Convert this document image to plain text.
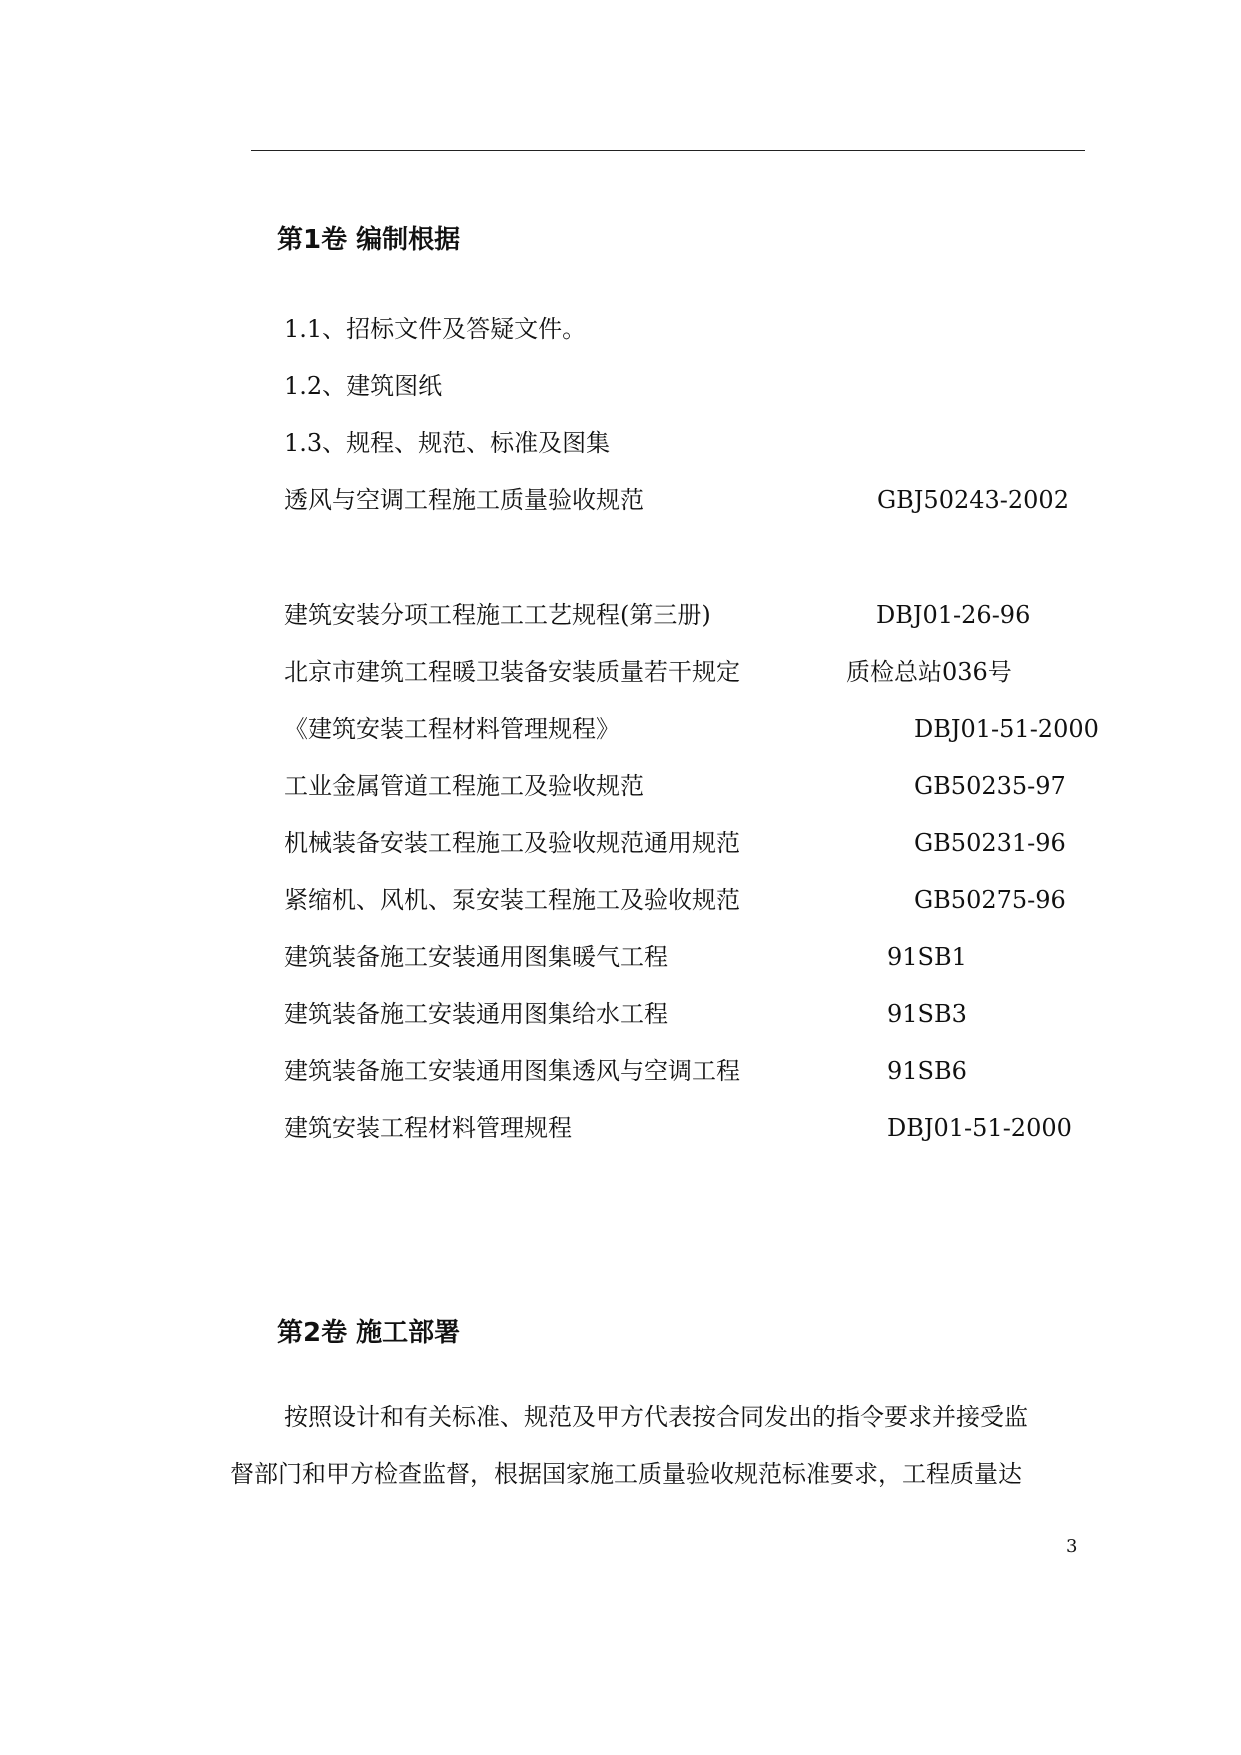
第1卷 编制根据
1.1、招标文件及答疑文件。
1.2、建筑图纸
1.3、规程、规范、标准及图集
透风与空调工程施工质量验收规范	GBJ50243-2002
建筑安装分项工程施工工艺规程(第三册)	DBJ01-26-96
北京市建筑工程暖卫装备安装质量若干规定	质检总站036号
《建筑安装工程材料管理规程》	DBJ01-51-2000
工业金属管道工程施工及验收规范	GB50235-97
机械装备安装工程施工及验收规范通用规范	GB50231-96
紧缩机、风机、泵安装工程施工及验收规范	GB50275-96
建筑装备施工安装通用图集暖气工程	91SB1
建筑装备施工安装通用图集给水工程	91SB3
建筑装备施工安装通用图集透风与空调工程	91SB6
建筑安装工程材料管理规程	DBJ01-51-2000
第2卷 施工部署
按照设计和有关标准、规范及甲方代表按合同发出的指令要求并接受监
督部门和甲方检查监督，根据国家施工质量验收规范标准要求，工程质量达
3
